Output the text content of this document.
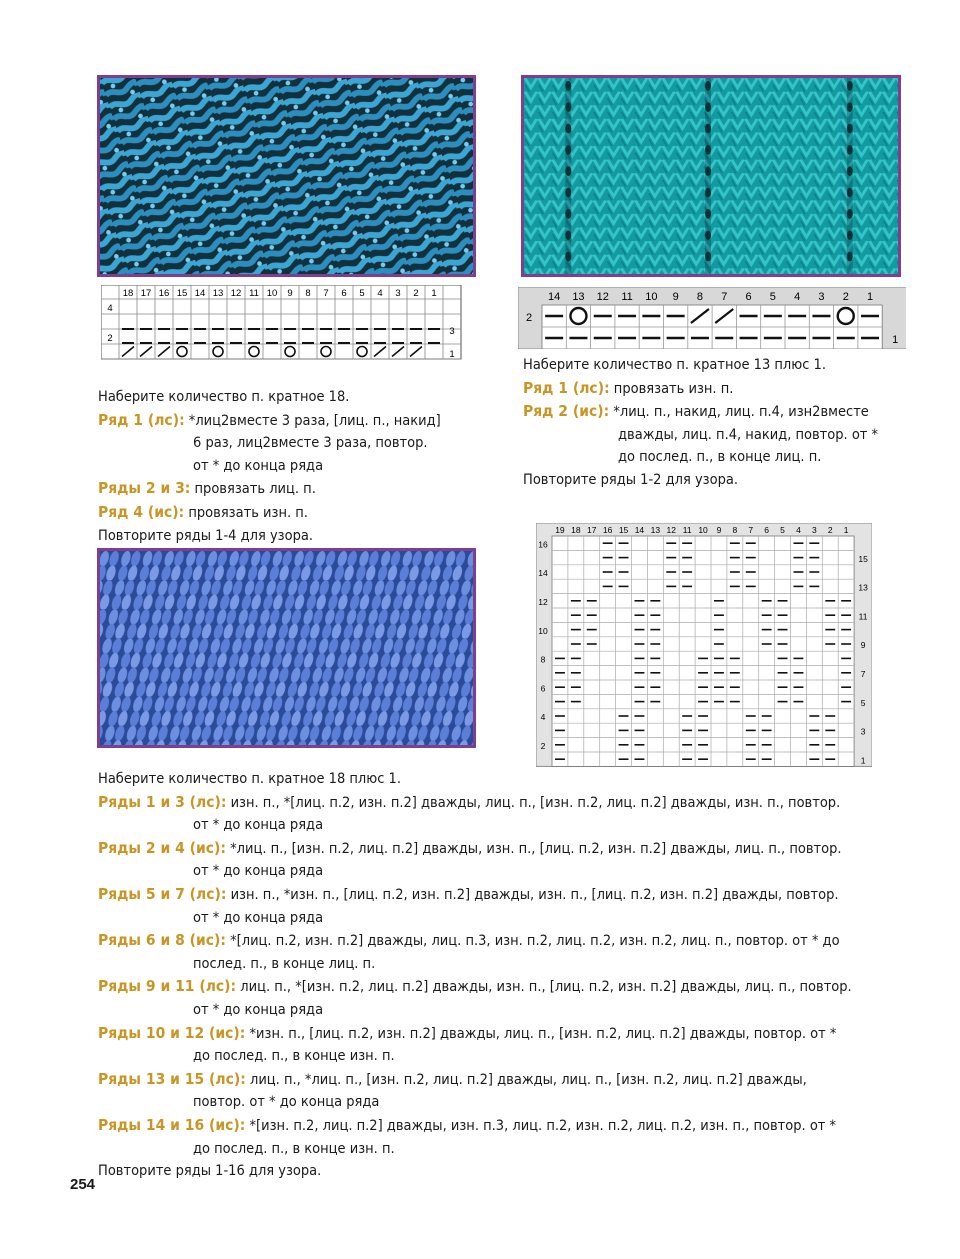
18 17 16 15 14 13 12 11 10 9 8 7 6 5 4 3 2 1
4
2
3
1
14 13 12 11 10 9 8 7 6 5 4 3 2 1
2
1
19 18 17 16 15 14 13 12 11 10 9 8 7 6 5 4 3 2 1
16
14
12
10
8
6
4
2
15
13
11
9
7
5
3
1

Наберите количество п. кратное 18.

Ряд 1 (лс): *лиц2вместе 3 раза, [лиц. п., накид]

6 раз, лиц2вместе 3 раза, повтор.

от * до конца ряда

Ряды 2 и 3: провязать лиц. п.

Ряд 4 (ис): провязать изн. п.

Повторите ряды 1-4 для узора.

Наберите количество п. кратное 13 плюс 1.

Ряд 1 (лс): провязать изн. п.

Ряд 2 (ис): *лиц. п., накид, лиц. п.4, изн2вместе

дважды, лиц. п.4, накид, повтор. от *

до послед. п., в конце лиц. п.

Повторите ряды 1-2 для узора.

Наберите количество п. кратное 18 плюс 1.

Ряды 1 и 3 (лс): изн. п., *[лиц. п.2, изн. п.2] дважды, лиц. п., [изн. п.2, лиц. п.2] дважды, изн. п., повтор.

от * до конца ряда

Ряды 2 и 4 (ис): *лиц. п., [изн. п.2, лиц. п.2] дважды, изн. п., [лиц. п.2, изн. п.2] дважды, лиц. п., повтор.

от * до конца ряда

Ряды 5 и 7 (лс): изн. п., *изн. п., [лиц. п.2, изн. п.2] дважды, изн. п., [лиц. п.2, изн. п.2] дважды, повтор.

от * до конца ряда

Ряды 6 и 8 (ис): *[лиц. п.2, изн. п.2] дважды, лиц. п.3, изн. п.2, лиц. п.2, изн. п.2, лиц. п., повтор. от * до

послед. п., в конце лиц. п.

Ряды 9 и 11 (лс): лиц. п., *[изн. п.2, лиц. п.2] дважды, изн. п., [лиц. п.2, изн. п.2] дважды, лиц. п., повтор.

от * до конца ряда

Ряды 10 и 12 (ис): *изн. п., [лиц. п.2, изн. п.2] дважды, лиц. п., [изн. п.2, лиц. п.2] дважды, повтор. от *

до послед. п., в конце изн. п.

Ряды 13 и 15 (лс): лиц. п., *лиц. п., [изн. п.2, лиц. п.2] дважды, лиц. п., [изн. п.2, лиц. п.2] дважды,

повтор. от * до конца ряда

Ряды 14 и 16 (ис): *[изн. п.2, лиц. п.2] дважды, изн. п.3, лиц. п.2, изн. п.2, лиц. п.2, изн. п., повтор. от *

до послед. п., в конце изн. п.

Повторите ряды 1-16 для узора.

254
